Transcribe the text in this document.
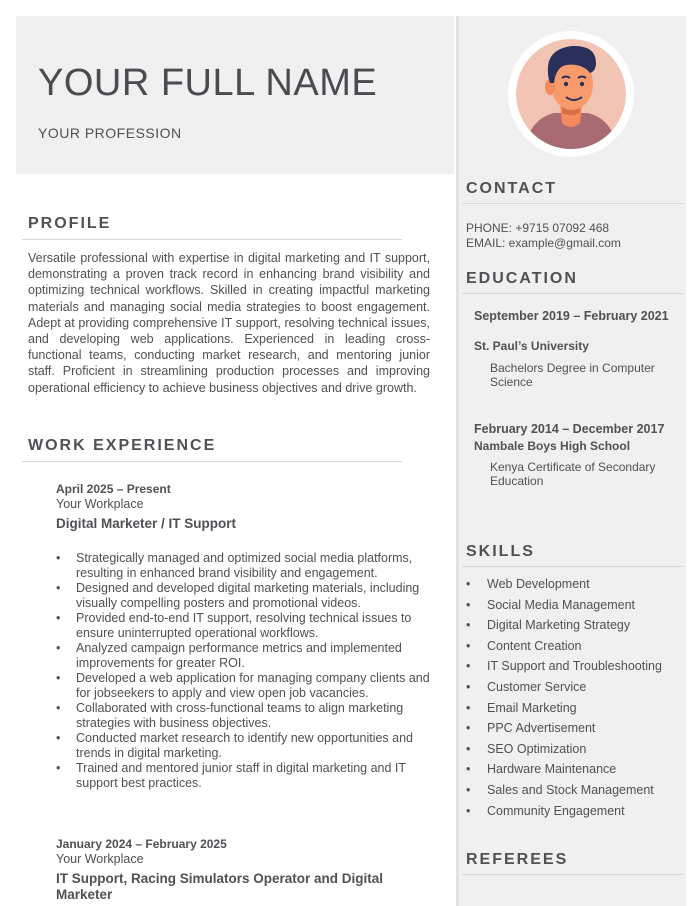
YOUR FULL NAME
YOUR PROFESSION
CONTACT
PHONE: +9715 07092 468
EMAIL: example@gmail.com
EDUCATION
September 2019 – February 2021
St. Paul’s University
Bachelors Degree in Computer Science
February 2014 – December 2017
Nambale Boys High School
Kenya Certificate of Secondary Education
SKILLS
• Web Development
• Social Media Management
• Digital Marketing Strategy
• Content Creation
• IT Support and Troubleshooting
• Customer Service
• Email Marketing
• PPC Advertisement
• SEO Optimization
• Hardware Maintenance
• Sales and Stock Management
• Community Engagement
REFEREES
PROFILE
Versatile professional with expertise in digital marketing and IT support, demonstrating a proven track record in enhancing brand visibility and optimizing technical workflows. Skilled in creating impactful marketing materials and managing social media strategies to boost engagement. Adept at providing comprehensive IT support, resolving technical issues, and developing web applications. Experienced in leading cross-functional teams, conducting market research, and mentoring junior staff. Proficient in streamlining production processes and improving operational efficiency to achieve business objectives and drive growth.
WORK EXPERIENCE
April 2025 – Present
Your Workplace
Digital Marketer / IT Support
• Strategically managed and optimized social media platforms, resulting in enhanced brand visibility and engagement.
• Designed and developed digital marketing materials, including visually compelling posters and promotional videos.
• Provided end-to-end IT support, resolving technical issues to ensure uninterrupted operational workflows.
• Analyzed campaign performance metrics and implemented improvements for greater ROI.
• Developed a web application for managing company clients and for jobseekers to apply and view open job vacancies.
• Collaborated with cross-functional teams to align marketing strategies with business objectives.
• Conducted market research to identify new opportunities and trends in digital marketing.
• Trained and mentored junior staff in digital marketing and IT support best practices.
January 2024 – February 2025
Your Workplace
IT Support, Racing Simulators Operator and Digital Marketer
